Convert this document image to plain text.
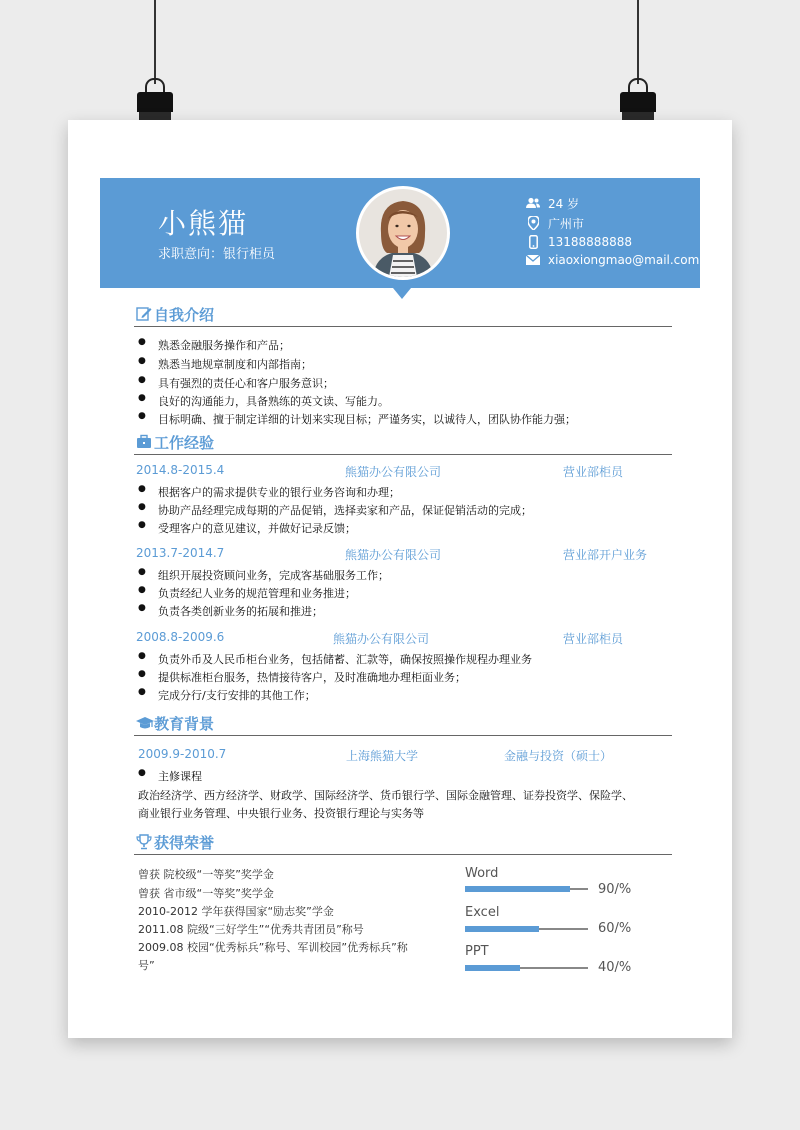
小熊猫
求职意向：银行柜员
24 岁
广州市
13188888888
xiaoxiongmao@mail.com
自我介绍
熟悉金融服务操作和产品；
熟悉当地规章制度和内部指南；
具有强烈的责任心和客户服务意识；
良好的沟通能力，具备熟练的英文读、写能力。
目标明确、擅于制定详细的计划来实现目标；严谨务实，以诚待人，团队协作能力强；
工作经验
2014.8-2015.4	熊猫办公有限公司	营业部柜员
根据客户的需求提供专业的银行业务咨询和办理；
协助产品经理完成每期的产品促销，选择卖家和产品，保证促销活动的完成；
受理客户的意见建议，并做好记录反馈；
2013.7-2014.7	熊猫办公有限公司	营业部开户业务
组织开展投资顾问业务，完成客基础服务工作；
负责经纪人业务的规范管理和业务推进；
负责各类创新业务的拓展和推进；
2008.8-2009.6	熊猫办公有限公司	营业部柜员
负责外币及人民币柜台业务，包括储蓄、汇款等，确保按照操作规程办理业务
提供标准柜台服务，热情接待客户，及时准确地办理柜面业务；
完成分行/支行安排的其他工作；
教育背景
2009.9-2010.7	上海熊猫大学	金融与投资（硕士）
主修课程
政治经济学、西方经济学、财政学、国际经济学、货币银行学、国际金融管理、证券投资学、保险学、
商业银行业务管理、中央银行业务、投资银行理论与实务等
获得荣誉
曾获 院校级“一等奖”奖学金
曾获 省市级“一等奖”奖学金
2010-2012 学年获得国家“励志奖”学金
2011.08 院级“三好学生”“优秀共青团员”称号
2009.08 校园“优秀标兵”称号、军训校园”优秀标兵”称
号”
Word
90/%
Excel
60/%
PPT
40/%
